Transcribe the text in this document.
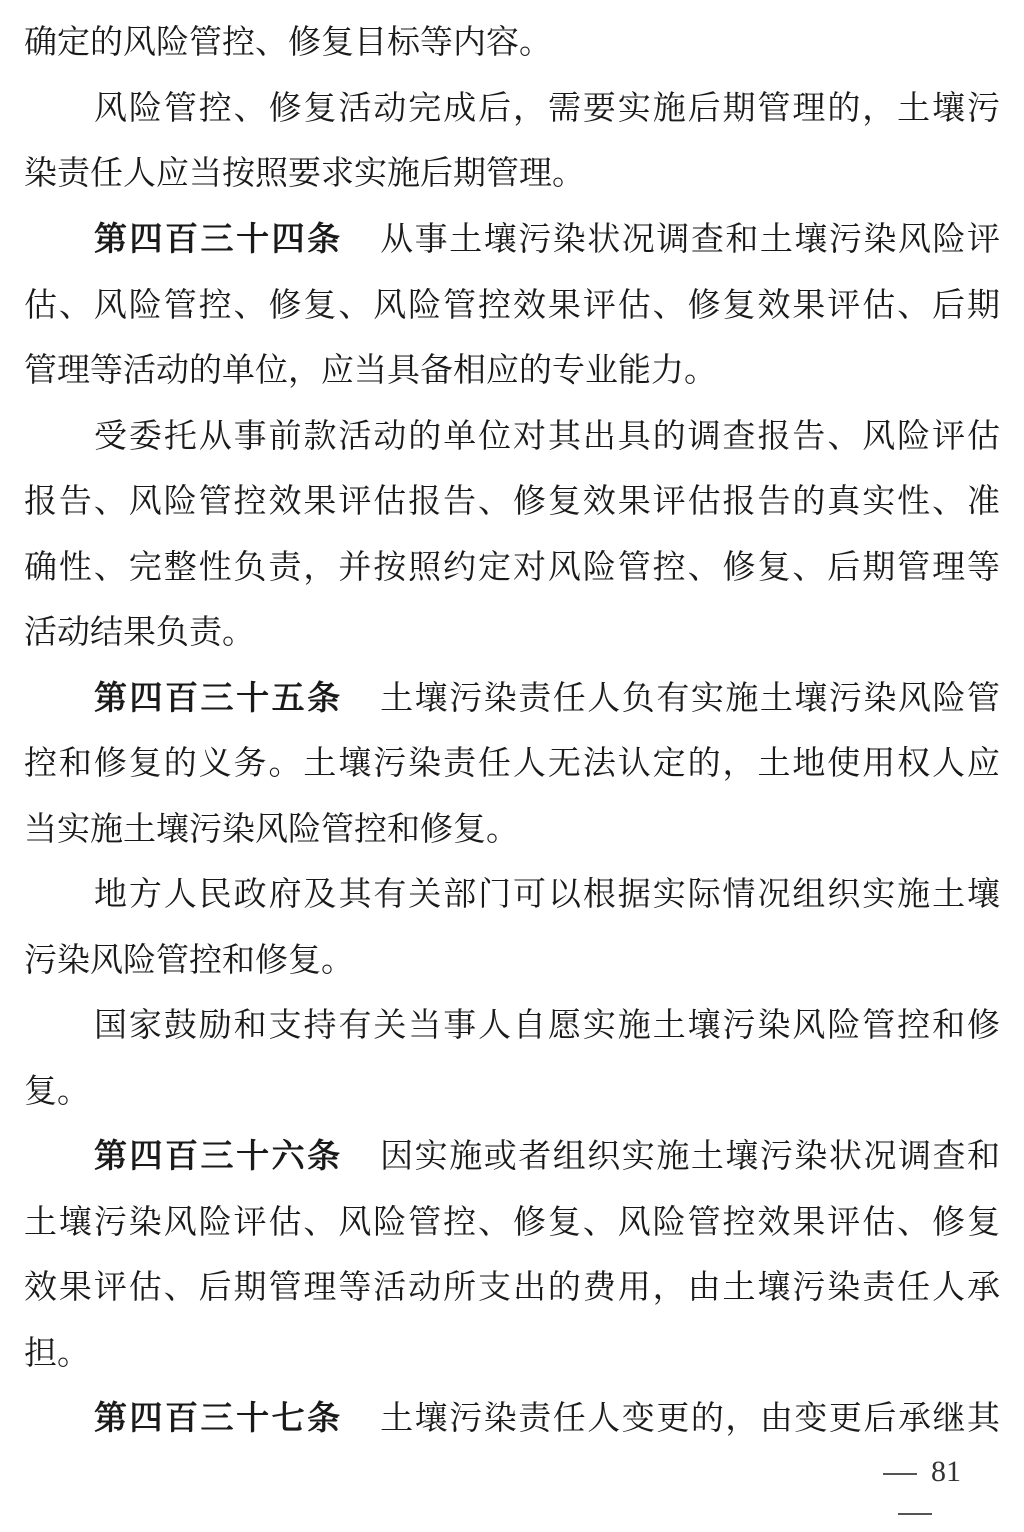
确定的风险管控、修复目标等内容。
风险管控、修复活动完成后，需要实施后期管理的，土壤污
染责任人应当按照要求实施后期管理。
第四百三十四条 从事土壤污染状况调查和土壤污染风险评
估、风险管控、修复、风险管控效果评估、修复效果评估、后期
管理等活动的单位，应当具备相应的专业能力。
受委托从事前款活动的单位对其出具的调查报告、风险评估
报告、风险管控效果评估报告、修复效果评估报告的真实性、准
确性、完整性负责，并按照约定对风险管控、修复、后期管理等
活动结果负责。
第四百三十五条 土壤污染责任人负有实施土壤污染风险管
控和修复的义务。土壤污染责任人无法认定的，土地使用权人应
当实施土壤污染风险管控和修复。
地方人民政府及其有关部门可以根据实际情况组织实施土壤
污染风险管控和修复。
国家鼓励和支持有关当事人自愿实施土壤污染风险管控和修
复。
第四百三十六条 因实施或者组织实施土壤污染状况调查和
土壤污染风险评估、风险管控、修复、风险管控效果评估、修复
效果评估、后期管理等活动所支出的费用，由土壤污染责任人承
担。
第四百三十七条 土壤污染责任人变更的，由变更后承继其
81
